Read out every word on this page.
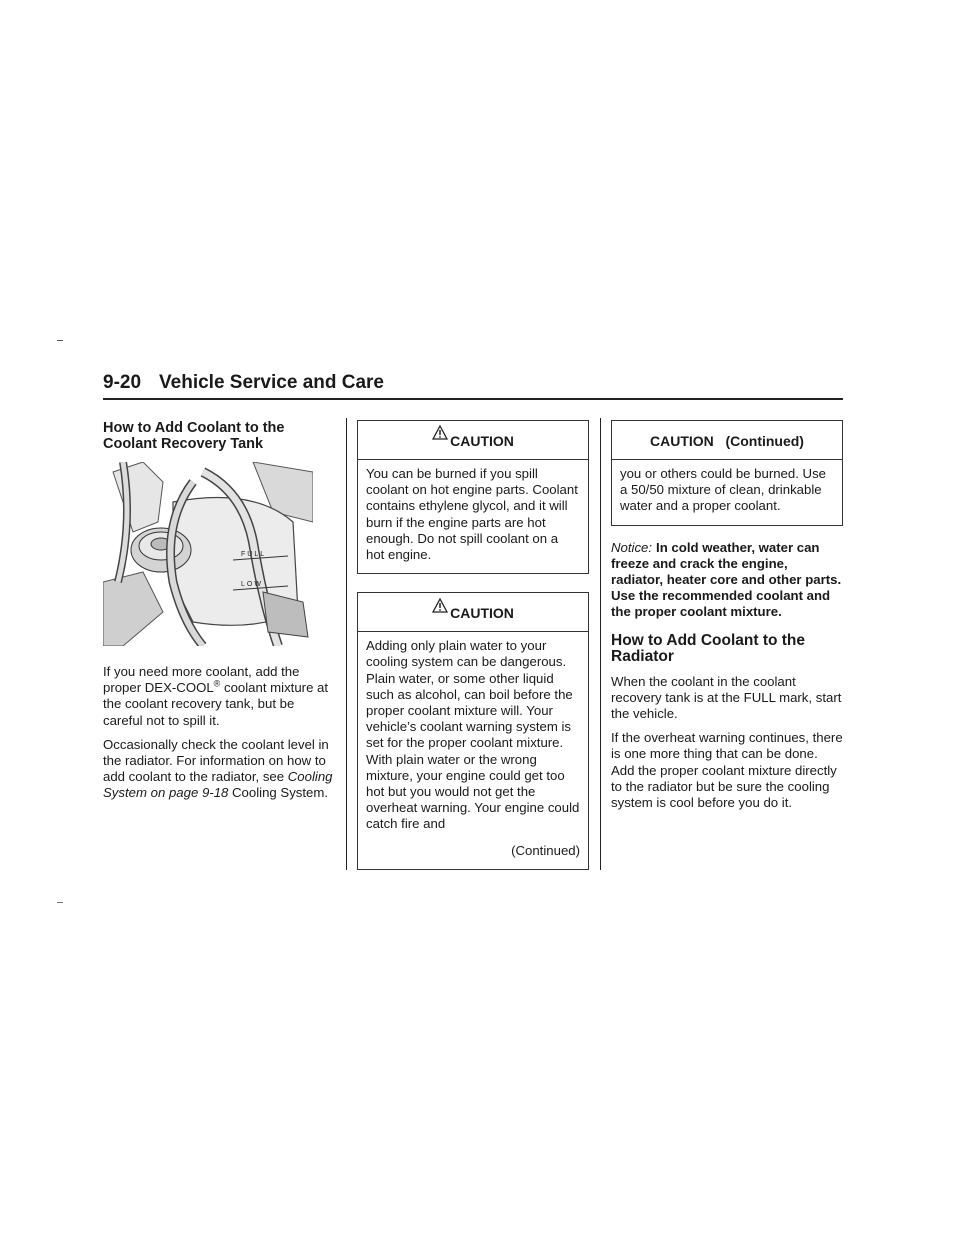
9-20 Vehicle Service and Care
How to Add Coolant to the Coolant Recovery Tank
FULL
LOW

If you need more coolant, add the proper DEX-COOL® coolant mixture at the coolant recovery tank, but be careful not to spill it.

Occasionally check the coolant level in the radiator. For information on how to add coolant to the radiator, see Cooling System on page 9-18 Cooling System.

CAUTION
You can be burned if you spill coolant on hot engine parts. Coolant contains ethylene glycol, and it will burn if the engine parts are hot enough. Do not spill coolant on a hot engine.
CAUTION
Adding only plain water to your cooling system can be dangerous. Plain water, or some other liquid such as alcohol, can boil before the proper coolant mixture will. Your vehicle’s coolant warning system is set for the proper coolant mixture. With plain water or the wrong mixture, your engine could get too hot but you would not get the overheat warning. Your engine could catch fire and
(Continued)
CAUTION   (Continued)
you or others could be burned. Use a 50/50 mixture of clean, drinkable water and a proper coolant.

Notice: In cold weather, water can freeze and crack the engine, radiator, heater core and other parts. Use the recommended coolant and the proper coolant mixture.

How to Add Coolant to the Radiator

When the coolant in the coolant recovery tank is at the FULL mark, start the vehicle.

If the overheat warning continues, there is one more thing that can be done. Add the proper coolant mixture directly to the radiator but be sure the cooling system is cool before you do it.
